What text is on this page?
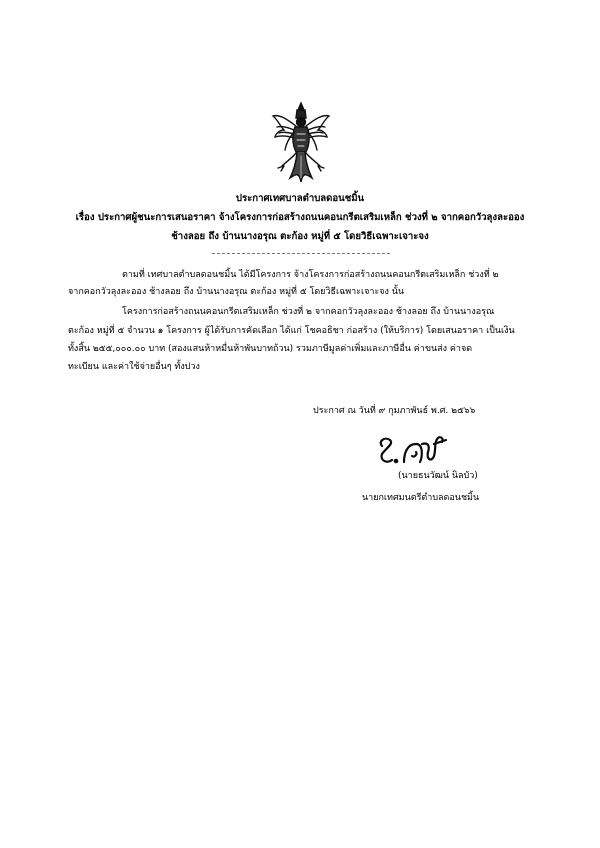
ประกาศเทศบาลตำบลดอนชมิ้น
เรื่อง ประกาศผู้ชนะการเสนอราคา จ้างโครงการก่อสร้างถนนคอนกรีตเสริมเหล็ก ช่วงที่ ๒ จากคอกวัวลุงละออง
ช้างลอย ถึง บ้านนางอรุณ ตะก้อง หมู่ที่ ๕ โดยวิธีเฉพาะเจาะจง
ตามที่ เทศบาลตำบลดอนชมิ้น ได้มีโครงการ จ้างโครงการก่อสร้างถนนคอนกรีตเสริมเหล็ก ช่วงที่ ๒
จากคอกวัวลุงละออง ช้างลอย ถึง บ้านนางอรุณ ตะก้อง หมู่ที่ ๕ โดยวิธีเฉพาะเจาะจง นั้น
โครงการก่อสร้างถนนคอนกรีตเสริมเหล็ก ช่วงที่ ๒ จากคอกวัวลุงละออง ช้างลอย ถึง บ้านนางอรุณ
ตะก้อง หมู่ที่ ๕ จำนวน ๑ โครงการ ผู้ได้รับการคัดเลือก ได้แก่ โชคอธิชา ก่อสร้าง (ให้บริการ) โดยเสนอราคา เป็นเงิน
ทั้งสิ้น ๒๕๕,๐๐๐.๐๐ บาท (สองแสนห้าหมื่นห้าพันบาทถ้วน) รวมภาษีมูลค่าเพิ่มและภาษีอื่น ค่าขนส่ง ค่าจด
ทะเบียน และค่าใช้จ่ายอื่นๆ ทั้งปวง
ประกาศ ณ วันที่ ๙ กุมภาพันธ์ พ.ศ. ๒๕๖๖
(นายธนวัฒน์ นิลบัว)
นายกเทศมนตรีตำบลดอนชมิ้น
